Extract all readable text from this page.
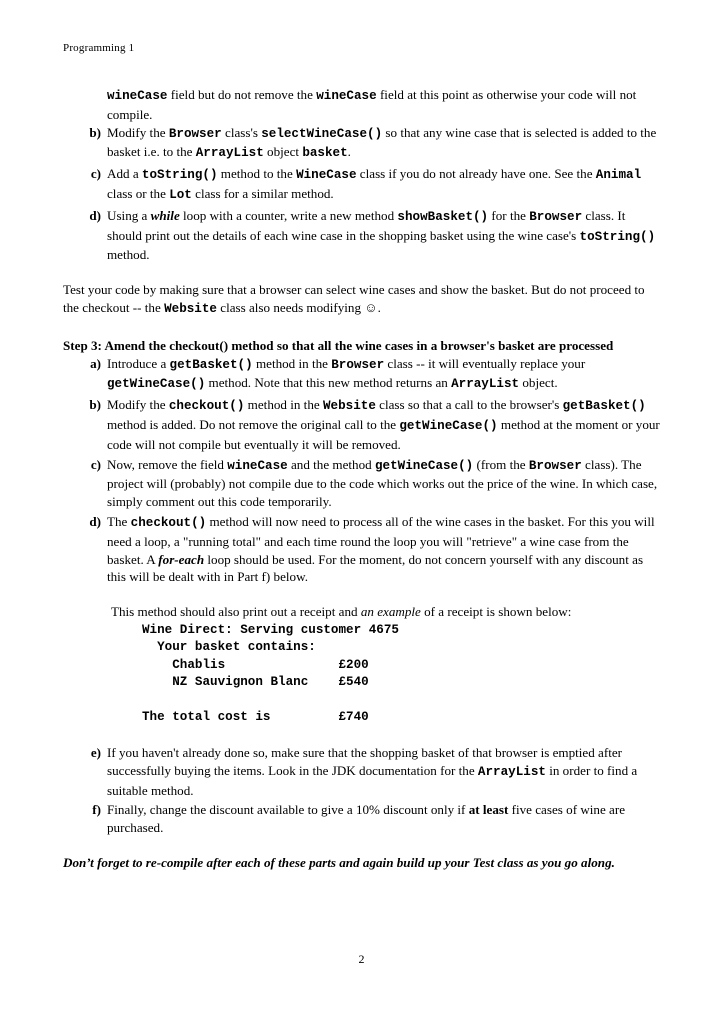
Programming 1

wineCase field but do not remove the wineCase field at this point as otherwise your code will not compile.

b) Modify the Browser class's selectWineCase() so that any wine case that is selected is added to the basket i.e. to the ArrayList object basket.
c) Add a toString() method to the WineCase class if you do not already have one. See the Animal class or the Lot class for a similar method.
d) Using a while loop with a counter, write a new method showBasket() for the Browser class. It should print out the details of each wine case in the shopping basket using the wine case's toString() method.

Test your code by making sure that a browser can select wine cases and show the basket. But do not proceed to the checkout -- the Website class also needs modifying ☺.

Step 3: Amend the checkout() method so that all the wine cases in a browser's basket are processed

a) Introduce a getBasket() method in the Browser class -- it will eventually replace your getWineCase() method. Note that this new method returns an ArrayList object.
b) Modify the checkout() method in the Website class so that a call to the browser's getBasket() method is added. Do not remove the original call to the getWineCase() method at the moment or your code will not compile but eventually it will be removed.
c) Now, remove the field wineCase and the method getWineCase() (from the Browser class). The project will (probably) not compile due to the code which works out the price of the wine. In which case, simply comment out this code temporarily.
d) The checkout() method will now need to process all of the wine cases in the basket. For this you will need a loop, a "running total" and each time round the loop you will "retrieve" a wine case from the basket. A for-each loop should be used. For the moment, do not concern yourself with any discount as this will be dealt with in Part f) below.

This method should also print out a receipt and an example of a receipt is shown below:

Wine Direct: Serving customer 4675
Your basket contains:
Chablis               £200
NZ Sauvignon Blanc    £540
The total cost is         £740
e) If you haven't already done so, make sure that the shopping basket of that browser is emptied after successfully buying the items. Look in the JDK documentation for the ArrayList in order to find a suitable method.
f) Finally, change the discount available to give a 10% discount only if at least five cases of wine are purchased.

Don’t forget to re-compile after each of these parts and again build up your Test class as you go along.

2
